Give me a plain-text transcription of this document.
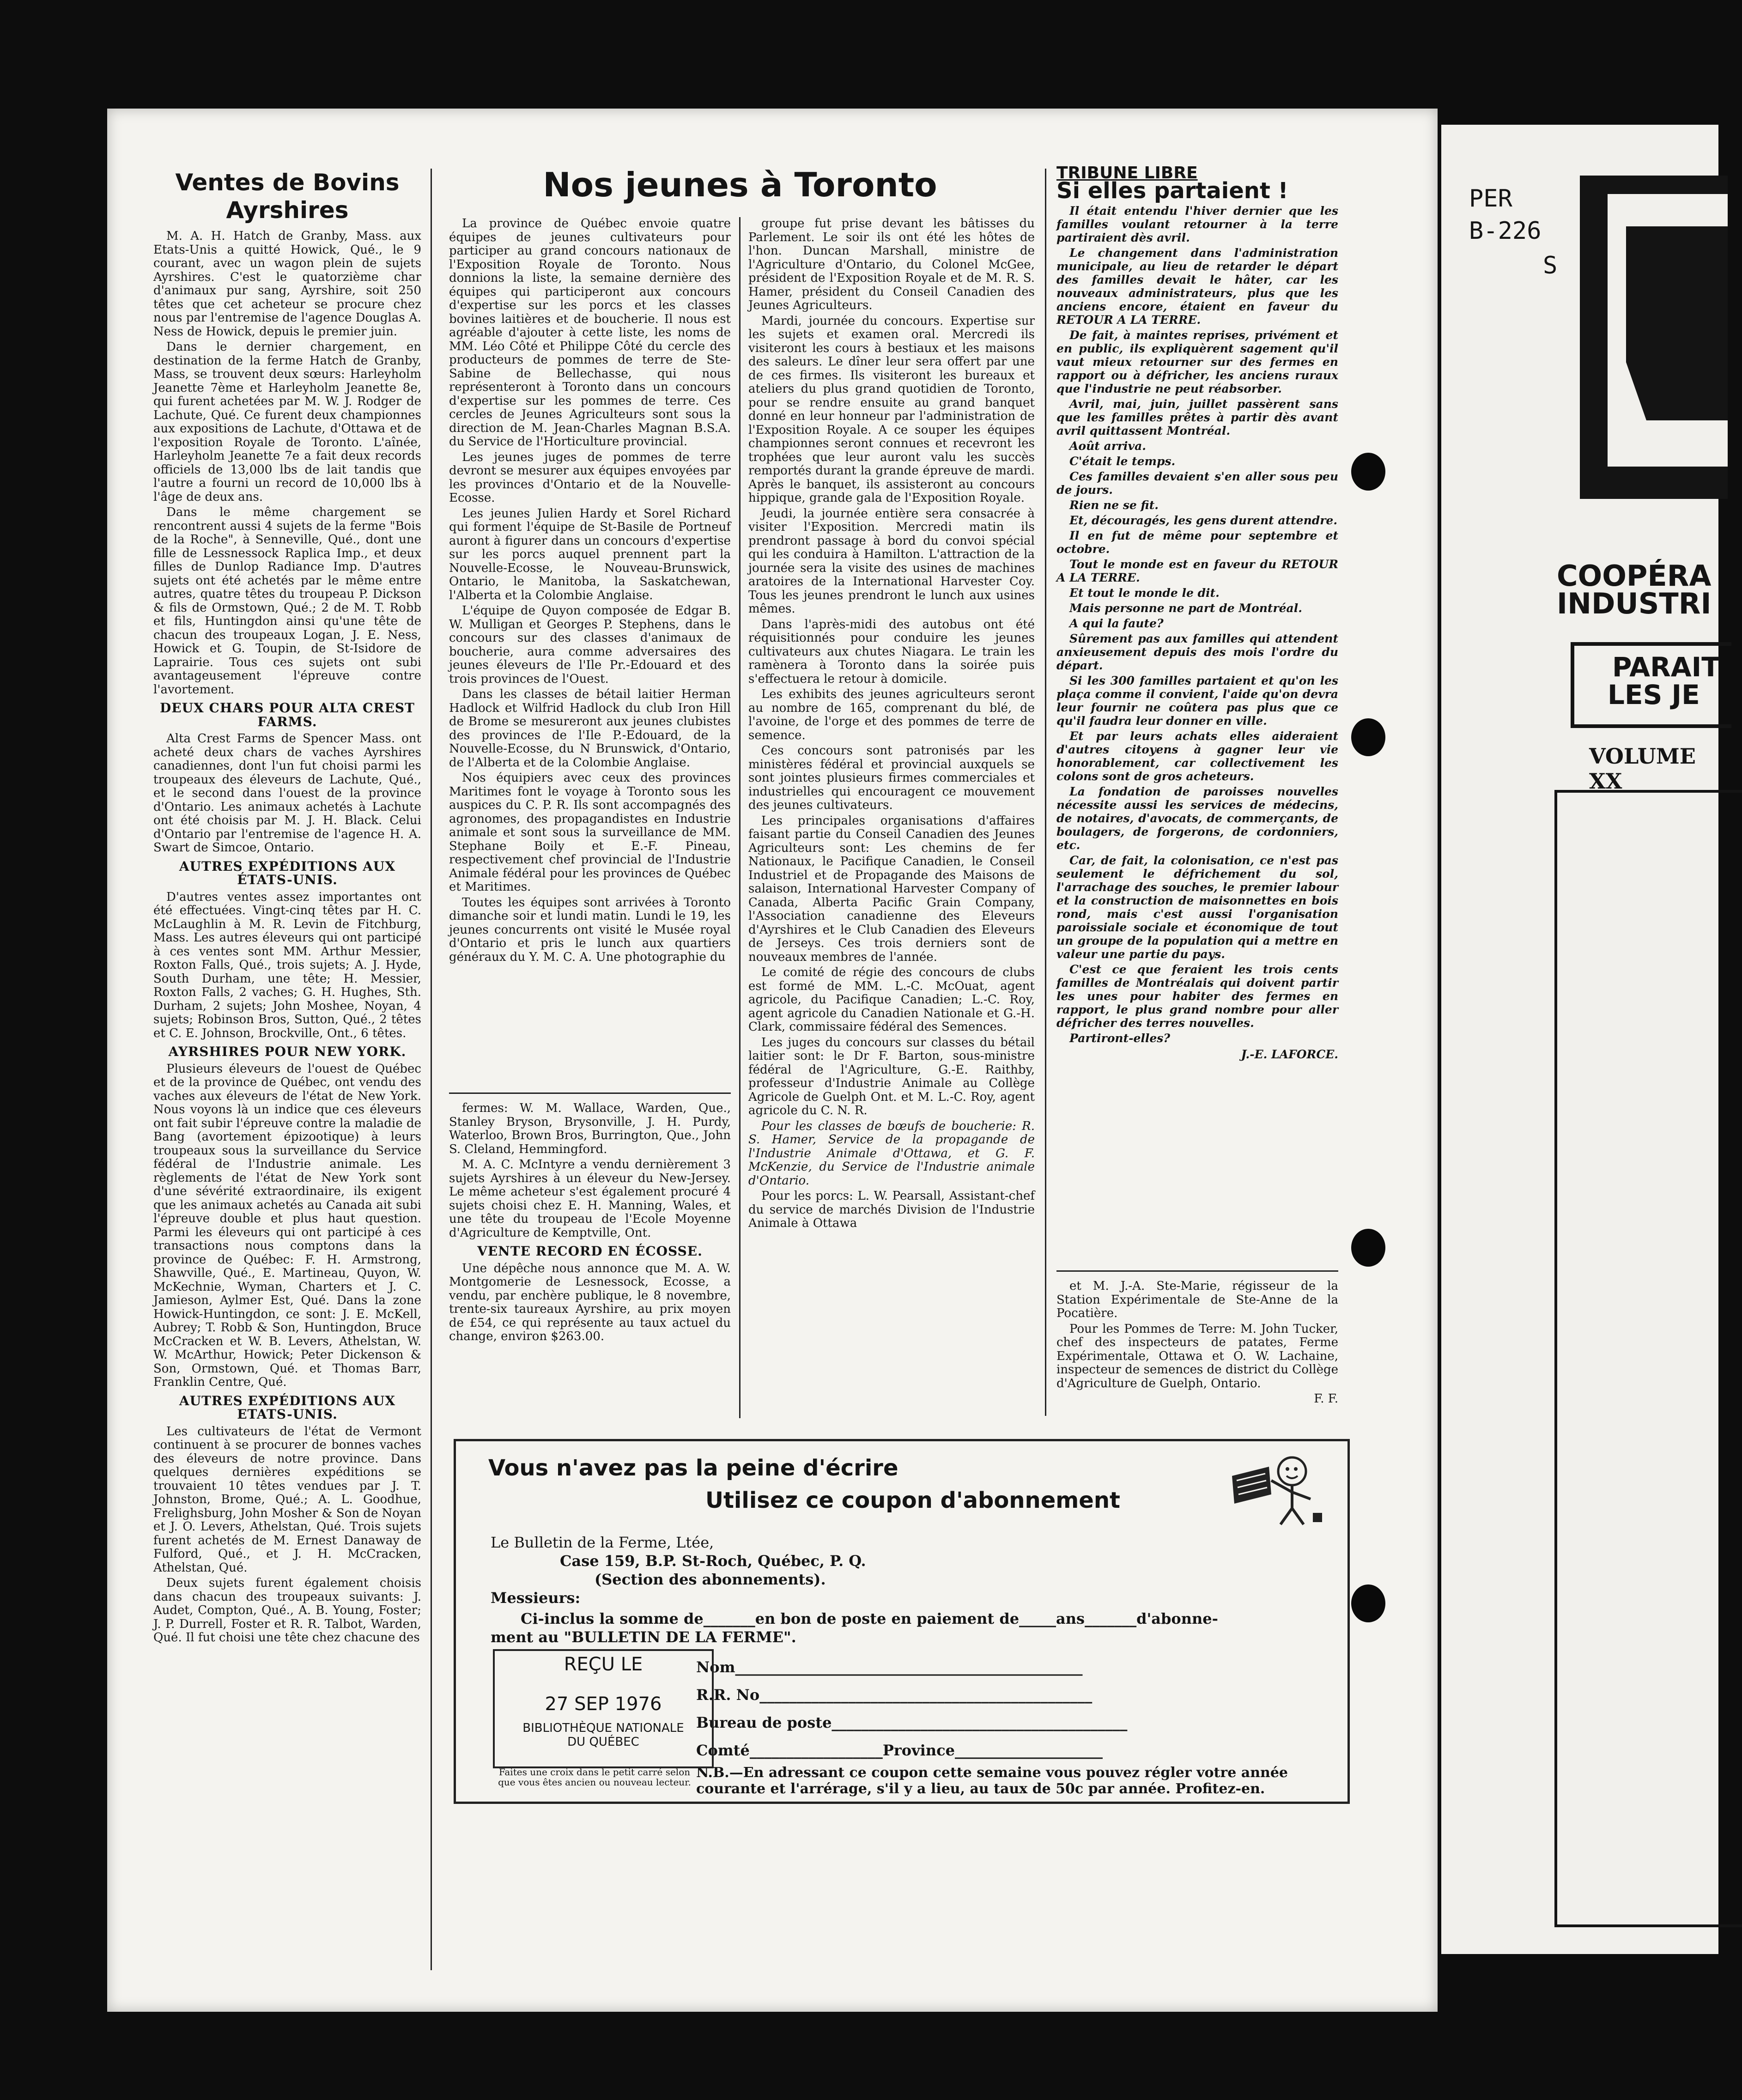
Ventes de Bovins Ayrshires

M. A. H. Hatch de Granby, Mass. aux Etats-Unis a quitté Howick, Qué., le 9 courant, avec un wagon plein de sujets Ayrshires. C'est le quatorzième char d'animaux pur sang, Ayrshire, soit 250 têtes que cet acheteur se procure chez nous par l'entremise de l'agence Douglas A. Ness de Howick, depuis le premier juin.

Dans le dernier chargement, en destination de la ferme Hatch de Granby, Mass, se trouvent deux sœurs: Harleyholm Jeanette 7ème et Harleyholm Jeanette 8e, qui furent achetées par M. W. J. Rodger de Lachute, Qué. Ce furent deux championnes aux expositions de Lachute, d'Ottawa et de l'exposition Royale de Toronto. L'aînée, Harleyholm Jeanette 7e a fait deux records officiels de 13,000 lbs de lait tandis que l'autre a fourni un record de 10,000 lbs à l'âge de deux ans.

Dans le même chargement se rencontrent aussi 4 sujets de la ferme "Bois de la Roche", à Senneville, Qué., dont une fille de Lessnessock Raplica Imp., et deux filles de Dunlop Radiance Imp. D'autres sujets ont été achetés par le même entre autres, quatre têtes du troupeau P. Dickson & fils de Ormstown, Qué.; 2 de M. T. Robb et fils, Huntingdon ainsi qu'une tête de chacun des troupeaux Logan, J. E. Ness, Howick et G. Toupin, de St-Isidore de Laprairie. Tous ces sujets ont subi avantageusement l'épreuve contre l'avortement.

DEUX CHARS POUR ALTA CREST FARMS.

Alta Crest Farms de Spencer Mass. ont acheté deux chars de vaches Ayrshires canadiennes, dont l'un fut choisi parmi les troupeaux des éleveurs de Lachute, Qué., et le second dans l'ouest de la province d'Ontario. Les animaux achetés à Lachute ont été choisis par M. J. H. Black. Celui d'Ontario par l'entremise de l'agence H. A. Swart de Simcoe, Ontario.

AUTRES EXPÉDITIONS AUX ÉTATS-UNIS.

D'autres ventes assez importantes ont été effectuées. Vingt-cinq têtes par H. C. McLaughlin à M. R. Levin de Fitchburg, Mass. Les autres éleveurs qui ont participé à ces ventes sont MM. Arthur Messier, Roxton Falls, Qué., trois sujets; A. J. Hyde, South Durham, une tête; H. Messier, Roxton Falls, 2 vaches; G. H. Hughes, Sth. Durham, 2 sujets; John Moshee, Noyan, 4 sujets; Robinson Bros, Sutton, Qué., 2 têtes et C. E. Johnson, Brockville, Ont., 6 têtes.

AYRSHIRES POUR NEW YORK.

Plusieurs éleveurs de l'ouest de Québec et de la province de Québec, ont vendu des vaches aux éleveurs de l'état de New York. Nous voyons là un indice que ces éleveurs ont fait subir l'épreuve contre la maladie de Bang (avortement épizootique) à leurs troupeaux sous la surveillance du Service fédéral de l'Industrie animale. Les règlements de l'état de New York sont d'une sévérité extraordinaire, ils exigent que les animaux achetés au Canada ait subi l'épreuve double et plus haut question. Parmi les éleveurs qui ont participé à ces transactions nous comptons dans la province de Québec: F. H. Armstrong, Shawville, Qué., E. Martineau, Quyon, W. McKechnie, Wyman, Charters et J. C. Jamieson, Aylmer Est, Qué. Dans la zone Howick-Huntingdon, ce sont: J. E. McKell, Aubrey; T. Robb & Son, Huntingdon, Bruce McCracken et W. B. Levers, Athelstan, W. W. McArthur, Howick; Peter Dickenson & Son, Ormstown, Qué. et Thomas Barr, Franklin Centre, Qué.

AUTRES EXPÉDITIONS AUX ETATS-UNIS.

Les cultivateurs de l'état de Vermont continuent à se procurer de bonnes vaches des éleveurs de notre province. Dans quelques dernières expéditions se trouvaient 10 têtes vendues par J. T. Johnston, Brome, Qué.; A. L. Goodhue, Frelighsburg, John Mosher & Son de Noyan et J. O. Levers, Athelstan, Qué. Trois sujets furent achetés de M. Ernest Danaway de Fulford, Qué., et J. H. McCracken, Athelstan, Qué.

Deux sujets furent également choisis dans chacun des troupeaux suivants: J. Audet, Compton, Qué., A. B. Young, Foster; J. P. Durrell, Foster et R. R. Talbot, Warden, Qué. Il fut choisi une tête chez chacune des

Nos jeunes à Toronto

La province de Québec envoie quatre équipes de jeunes cultivateurs pour participer au grand concours nationaux de l'Exposition Royale de Toronto. Nous donnions la liste, la semaine dernière des équipes qui participeront aux concours d'expertise sur les porcs et les classes bovines laitières et de boucherie. Il nous est agréable d'ajouter à cette liste, les noms de MM. Léo Côté et Philippe Côté du cercle des producteurs de pommes de terre de Ste-Sabine de Bellechasse, qui nous représenteront à Toronto dans un concours d'expertise sur les pommes de terre. Ces cercles de Jeunes Agriculteurs sont sous la direction de M. Jean-Charles Magnan B.S.A. du Service de l'Horticulture provincial.

Les jeunes juges de pommes de terre devront se mesurer aux équipes envoyées par les provinces d'Ontario et de la Nouvelle-Ecosse.

Les jeunes Julien Hardy et Sorel Richard qui forment l'équipe de St-Basile de Portneuf auront à figurer dans un concours d'expertise sur les porcs auquel prennent part la Nouvelle-Ecosse, le Nouveau-Brunswick, Ontario, le Manitoba, la Saskatchewan, l'Alberta et la Colombie Anglaise.

L'équipe de Quyon composée de Edgar B. W. Mulligan et Georges P. Stephens, dans le concours sur des classes d'animaux de boucherie, aura comme adversaires des jeunes éleveurs de l'Ile Pr.-Edouard et des trois provinces de l'Ouest.

Dans les classes de bétail laitier Herman Hadlock et Wilfrid Hadlock du club Iron Hill de Brome se mesureront aux jeunes clubistes des provinces de l'Ile P.-Edouard, de la Nouvelle-Ecosse, du N Brunswick, d'Ontario, de l'Alberta et de la Colombie Anglaise.

Nos équipiers avec ceux des provinces Maritimes font le voyage à Toronto sous les auspices du C. P. R. Ils sont accompagnés des agronomes, des propagandistes en Industrie animale et sont sous la surveillance de MM. Stephane Boily et E.-F. Pineau, respectivement chef provincial de l'Industrie Animale fédéral pour les provinces de Québec et Maritimes.

Toutes les équipes sont arrivées à Toronto dimanche soir et lundi matin. Lundi le 19, les jeunes concurrents ont visité le Musée royal d'Ontario et pris le lunch aux quartiers généraux du Y. M. C. A. Une photographie du

fermes: W. M. Wallace, Warden, Que., Stanley Bryson, Brysonville, J. H. Purdy, Waterloo, Brown Bros, Burrington, Que., John S. Cleland, Hemmingford.

M. A. C. McIntyre a vendu dernièrement 3 sujets Ayrshires à un éleveur du New-Jersey. Le même acheteur s'est également procuré 4 sujets choisi chez E. H. Manning, Wales, et une tête du troupeau de l'Ecole Moyenne d'Agriculture de Kemptville, Ont.

VENTE RECORD EN ÉCOSSE.

Une dépêche nous annonce que M. A. W. Montgomerie de Lesnessock, Ecosse, a vendu, par enchère publique, le 8 novembre, trente-six taureaux Ayrshire, au prix moyen de £54, ce qui représente au taux actuel du change, environ $263.00.

groupe fut prise devant les bâtisses du Parlement. Le soir ils ont été les hôtes de l'hon. Duncan Marshall, ministre de l'Agriculture d'Ontario, du Colonel McGee, président de l'Exposition Royale et de M. R. S. Hamer, président du Conseil Canadien des Jeunes Agriculteurs.

Mardi, journée du concours. Expertise sur les sujets et examen oral. Mercredi ils visiteront les cours à bestiaux et les maisons des saleurs. Le dîner leur sera offert par une de ces firmes. Ils visiteront les bureaux et ateliers du plus grand quotidien de Toronto, pour se rendre ensuite au grand banquet donné en leur honneur par l'administration de l'Exposition Royale. A ce souper les équipes championnes seront connues et recevront les trophées que leur auront valu les succès remportés durant la grande épreuve de mardi. Après le banquet, ils assisteront au concours hippique, grande gala de l'Exposition Royale.

Jeudi, la journée entière sera consacrée à visiter l'Exposition. Mercredi matin ils prendront passage à bord du convoi spécial qui les conduira à Hamilton. L'attraction de la journée sera la visite des usines de machines aratoires de la International Harvester Coy. Tous les jeunes prendront le lunch aux usines mêmes.

Dans l'après-midi des autobus ont été réquisitionnés pour conduire les jeunes cultivateurs aux chutes Niagara. Le train les ramènera à Toronto dans la soirée puis s'effectuera le retour à domicile.

Les exhibits des jeunes agriculteurs seront au nombre de 165, comprenant du blé, de l'avoine, de l'orge et des pommes de terre de semence.

Ces concours sont patronisés par les ministères fédéral et provincial auxquels se sont jointes plusieurs firmes commerciales et industrielles qui encouragent ce mouvement des jeunes cultivateurs.

Les principales organisations d'affaires faisant partie du Conseil Canadien des Jeunes Agriculteurs sont: Les chemins de fer Nationaux, le Pacifique Canadien, le Conseil Industriel et de Propagande des Maisons de salaison, International Harvester Company of Canada, Alberta Pacific Grain Company, l'Association canadienne des Eleveurs d'Ayrshires et le Club Canadien des Eleveurs de Jerseys. Ces trois derniers sont de nouveaux membres de l'année.

Le comité de régie des concours de clubs est formé de MM. L.-C. McOuat, agent agricole, du Pacifique Canadien; L.-C. Roy, agent agricole du Canadien Nationale et G.-H. Clark, commissaire fédéral des Semences.

Les juges du concours sur classes du bétail laitier sont: le Dr F. Barton, sous-ministre fédéral de l'Agriculture, G.-E. Raithby, professeur d'Industrie Animale au Collège Agricole de Guelph Ont. et M. L.-C. Roy, agent agricole du C. N. R.

Pour les classes de bœufs de boucherie: R. S. Hamer, Service de la propagande de l'Industrie Animale d'Ottawa, et G. F. McKenzie, du Service de l'Industrie animale d'Ontario.

Pour les porcs: L. W. Pearsall, Assistant-chef du service de marchés Division de l'Industrie Animale à Ottawa

TRIBUNE LIBRE
Si elles partaient !

Il était entendu l'hiver dernier que les familles voulant retourner à la terre partiraient dès avril.

Le changement dans l'administration municipale, au lieu de retarder le départ des familles devait le hâter, car les nouveaux administrateurs, plus que les anciens encore, étaient en faveur du RETOUR A LA TERRE.

De fait, à maintes reprises, privément et en public, ils expliquèrent sagement qu'il vaut mieux retourner sur des fermes en rapport ou à défricher, les anciens ruraux que l'industrie ne peut réabsorber.

Avril, mai, juin, juillet passèrent sans que les familles prêtes à partir dès avant avril quittassent Montréal.

Août arriva.

C'était le temps.

Ces familles devaient s'en aller sous peu de jours.

Rien ne se fit.

Et, découragés, les gens durent attendre.

Il en fut de même pour septembre et octobre.

Tout le monde est en faveur du RETOUR A LA TERRE.

Et tout le monde le dit.

Mais personne ne part de Montréal.

A qui la faute?

Sûrement pas aux familles qui attendent anxieusement depuis des mois l'ordre du départ.

Si les 300 familles partaient et qu'on les plaça comme il convient, l'aide qu'on devra leur fournir ne coûtera pas plus que ce qu'il faudra leur donner en ville.

Et par leurs achats elles aideraient d'autres citoyens à gagner leur vie honorablement, car collectivement les colons sont de gros acheteurs.

La fondation de paroisses nouvelles nécessite aussi les services de médecins, de notaires, d'avocats, de commerçants, de boulagers, de forgerons, de cordonniers, etc.

Car, de fait, la colonisation, ce n'est pas seulement le défrichement du sol, l'arrachage des souches, le premier labour et la construction de maisonnettes en bois rond, mais c'est aussi l'organisation paroissiale sociale et économique de tout un groupe de la population qui a mettre en valeur une partie du pays.

C'est ce que feraient les trois cents familles de Montréalais qui doivent partir les unes pour habiter des fermes en rapport, le plus grand nombre pour aller défricher des terres nouvelles.

Partiront-elles?

J.-E. LAFORCE.

et M. J.-A. Ste-Marie, régisseur de la Station Expérimentale de Ste-Anne de la Pocatière.

Pour les Pommes de Terre: M. John Tucker, chef des inspecteurs de patates, Ferme Expérimentale, Ottawa et O. W. Lachaine, inspecteur de semences de district du Collège d'Agriculture de Guelph, Ontario.

F. F.
Vous n'avez pas la peine d'écrire
Utilisez ce coupon d'abonnement
Le Bulletin de la Ferme, Ltée,
Case 159, B.P. St-Roch, Québec, P. Q.
(Section des abonnements).
Messieurs:
Ci-inclus la somme de_______en bon de poste en paiement de_____ans_______d'abonne-
ment au "BULLETIN DE LA FERME".
Nom_______________________________________________
R.R. No_____________________________________________
Bureau de poste________________________________________
Comté__________________Province____________________
N.B.—En adressant ce coupon cette semaine vous pouvez régler votre année
courante et l'arrérage, s'il y a lieu, au taux de 50c par année. Profitez-en.
REÇU LE
27 SEP 1976
BIBLIOTHÈQUE NATIONALE
DU QUÉBEC
Faites une croix dans le petit carré selon que vous êtes ancien ou nouveau lecteur.
PER
B-226
S
COOPÉRA
INDUSTRI
PARAIT
LES JE
VOLUME XX
